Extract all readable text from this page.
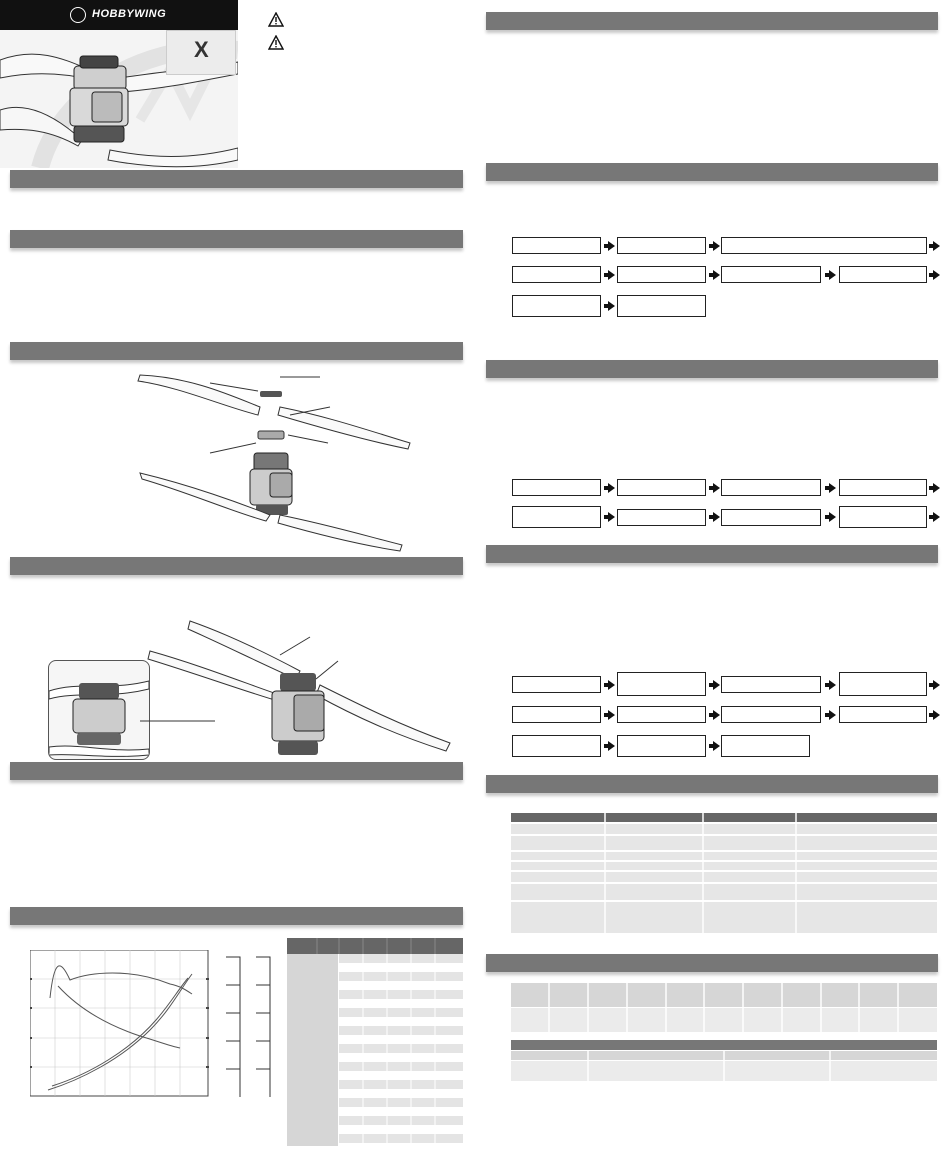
HOBBYWING
X
